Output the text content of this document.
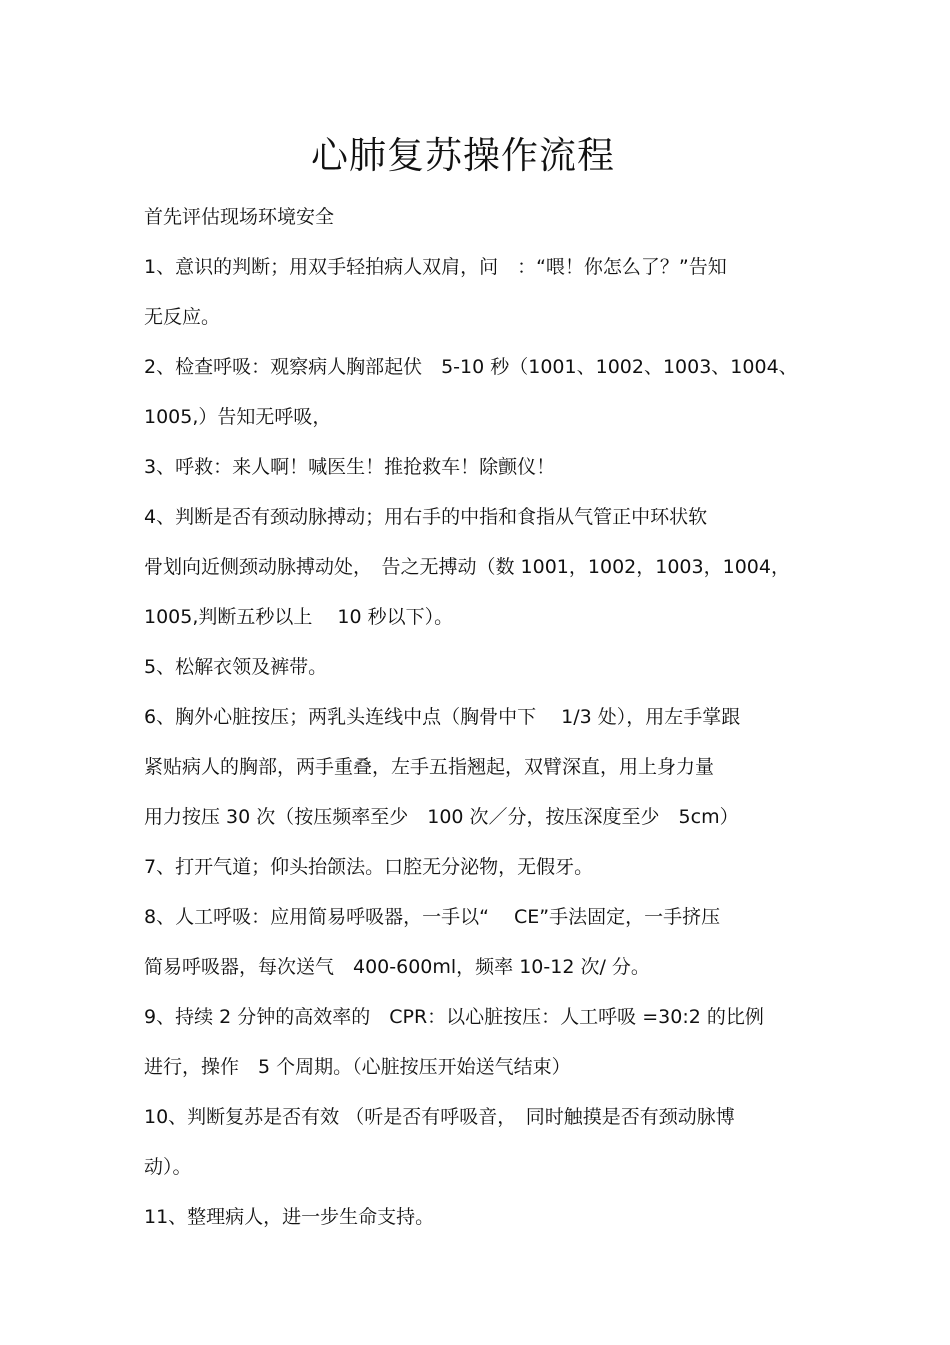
心肺复苏操作流程
首先评估现场环境安全
1、意识的判断；用双手轻拍病人双肩，问　：“喂！你怎么了？”告知
无反应。
2、检查呼吸：观察病人胸部起伏　5-10 秒（1001、1002、1003、1004、
1005,）告知无呼吸，
3、呼救：来人啊！喊医生！推抢救车！除颤仪！
4、判断是否有颈动脉搏动；用右手的中指和食指从气管正中环状软
骨划向近侧颈动脉搏动处，　告之无搏动（数 1001，1002，1003，1004，
1005,判断五秒以上　 10 秒以下）。
5、松解衣领及裤带。
6、胸外心脏按压；两乳头连线中点（胸骨中下　 1/3 处），用左手掌跟
紧贴病人的胸部，两手重叠，左手五指翘起，双臂深直，用上身力量
用力按压 30 次（按压频率至少　100 次／分，按压深度至少　5cm）
7、打开气道；仰头抬颌法。口腔无分泌物，无假牙。
8、人工呼吸：应用简易呼吸器，一手以“　 CE”手法固定，一手挤压
简易呼吸器，每次送气　400-600ml，频率 10-12 次/ 分。
9、持续 2 分钟的高效率的　CPR：以心脏按压：人工呼吸 =30:2 的比例
进行，操作　5 个周期。（心脏按压开始送气结束）
10、判断复苏是否有效 （听是否有呼吸音，　同时触摸是否有颈动脉博
动）。
11、整理病人，进一步生命支持。
